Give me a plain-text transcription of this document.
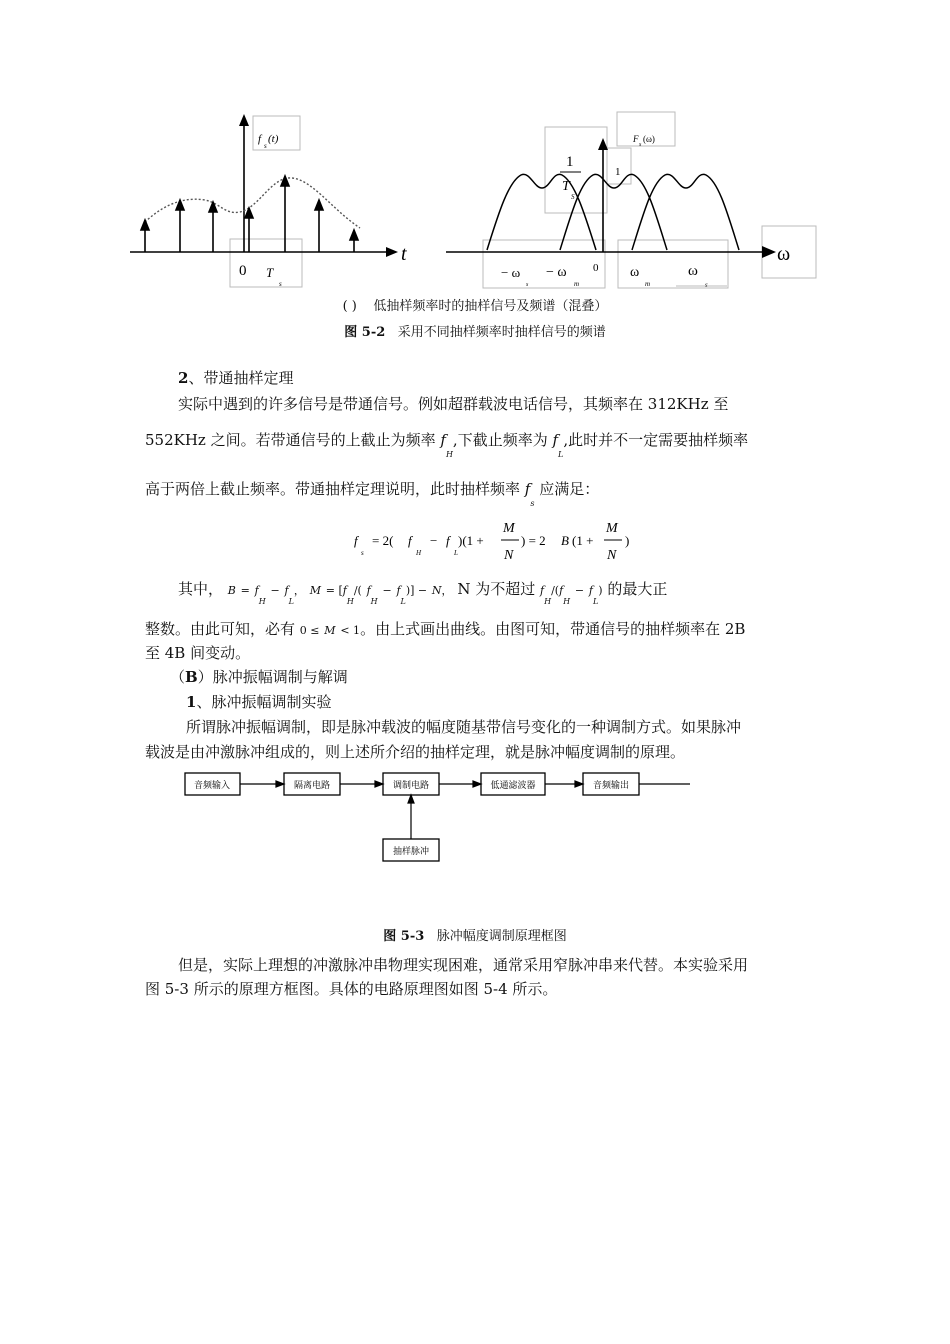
f
s
(t)
t
0 T
s
F
s
(ω)
1
T
S
1
ω
0
− ω
s
− ω
m
ω
m
ω
s
( ) 低抽样频率时的抽样信号及频谱（混叠）
图 5-2 采用不同抽样频率时抽样信号的频谱
2、带通抽样定理
实际中遇到的许多信号是带通信号。例如超群载波电话信号，其频率在 312KHz 至
552KHz 之间。若带通信号的上截止为频率 $f_H$,下截止频率为 $f_L$,此时并不一定需要抽样频率
高于两倍上截止频率。带通抽样定理说明，此时抽样频率 $f_s$ 应满足：
f
s
= 2( f
H
− f
L
)(1 +
M
N
) = 2 B (1 +
M
N
)
其中， $B = f_H - f_L$， $M = [f_H/$( $f_H - f_L)] - N$， N 为不超过 $f_H/(f_H - f_L)$ 的最大正
整数。由此可知，必有 0 ≤ M < 1。由上式画出曲线。由图可知，带通信号的抽样频率在 2B
至 4B 间变动。
（B）脉冲振幅调制与解调
1、脉冲振幅调制实验
所谓脉冲振幅调制，即是脉冲载波的幅度随基带信号变化的一种调制方式。如果脉冲
载波是由冲激脉冲组成的，则上述所介绍的抽样定理，就是脉冲幅度调制的原理。
音频输入	隔离电路	调制电路	低通滤波器	音频输出
抽样脉冲
图 5-3 脉冲幅度调制原理框图
但是，实际上理想的冲激脉冲串物理实现困难，通常采用窄脉冲串来代替。本实验采用
图 5-3 所示的原理方框图。具体的电路原理图如图 5-4 所示。
